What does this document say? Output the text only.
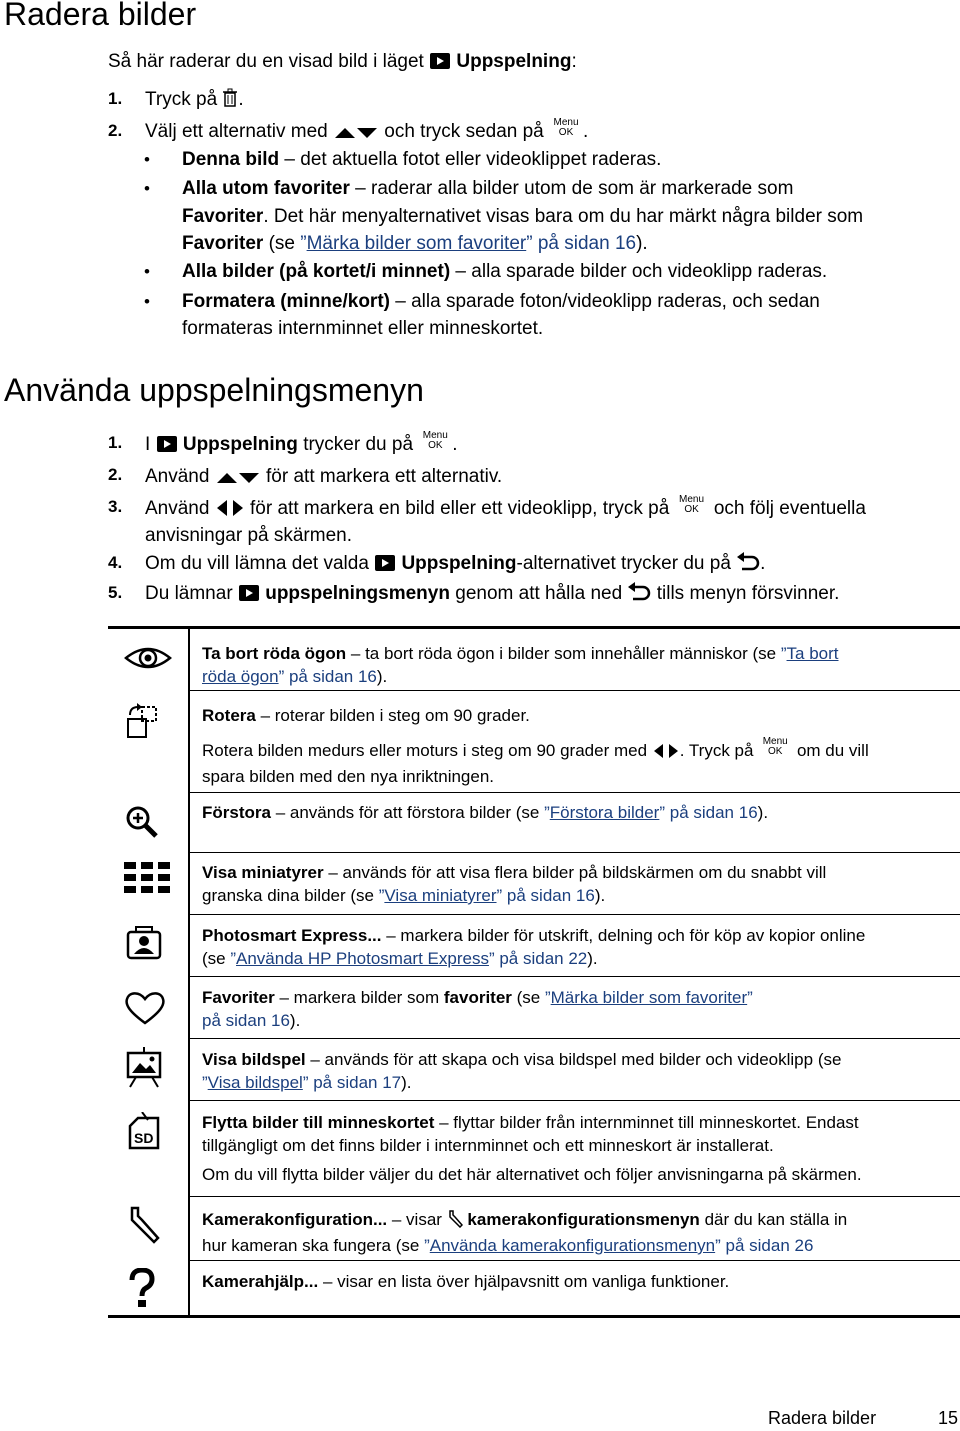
Radera bilder
Så här raderar du en visad bild i läget Uppspelning:
1. Tryck på .
2. Välj ett alternativ med	och tryck sedan på Menu
OK .
• Denna bild – det aktuella fotot eller videoklippet raderas.
• Alla utom favoriter – raderar alla bilder utom de som är markerade som
Favoriter. Det här menyalternativet visas bara om du har märkt några bilder som
Favoriter (se ”Märka bilder som favoriter” på sidan 16).
• Alla bilder (på kortet/i minnet) – alla sparade bilder och videoklipp raderas.
• Formatera (minne/kort) – alla sparade foton/videoklipp raderas, och sedan
formateras internminnet eller minneskortet.
Använda uppspelningsmenyn
1. I Uppspelning trycker du på Menu
OK .
2. Använd	för att markera ett alternativ.
3. Använd för att markera en bild eller ett videoklipp, tryck på Menu
OK och följ eventuella
anvisningar på skärmen.
4. Om du vill lämna det valda Uppspelning-alternativet trycker du på .
5. Du lämnar uppspelningsmenyn genom att hålla ned tills menyn försvinner.
Ta bort röda ögon – ta bort röda ögon i bilder som innehåller människor (se ”Ta bort
röda ögon” på sidan 16).
Rotera – roterar bilden i steg om 90 grader.
Rotera bilden medurs eller moturs i steg om 90 grader med . Tryck på Menu
OK om du vill
spara bilden med den nya inriktningen.
Förstora – används för att förstora bilder (se ”Förstora bilder” på sidan 16).
Visa miniatyrer – används för att visa flera bilder på bildskärmen om du snabbt vill
granska dina bilder (se ”Visa miniatyrer” på sidan 16).
Photosmart Express... – markera bilder för utskrift, delning och för köp av kopior online
(se ”Använda HP Photosmart Express” på sidan 22).
Favoriter – markera bilder som favoriter (se ”Märka bilder som favoriter”
på sidan 16).
Visa bildspel – används för att skapa och visa bildspel med bilder och videoklipp (se
”Visa bildspel” på sidan 17).
SD
Flytta bilder till minneskortet – flyttar bilder från internminnet till minneskortet. Endast
tillgängligt om det finns bilder i internminnet och ett minneskort är installerat.
Om du vill flytta bilder väljer du det här alternativet och följer anvisningarna på skärmen.
Kamerakonfiguration... – visar kamerakonfigurationsmenyn där du kan ställa in
hur kameran ska fungera (se ”Använda kamerakonfigurationsmenyn” på sidan 26
Kamerahjälp... – visar en lista över hjälpavsnitt om vanliga funktioner.
Radera bilder	15
